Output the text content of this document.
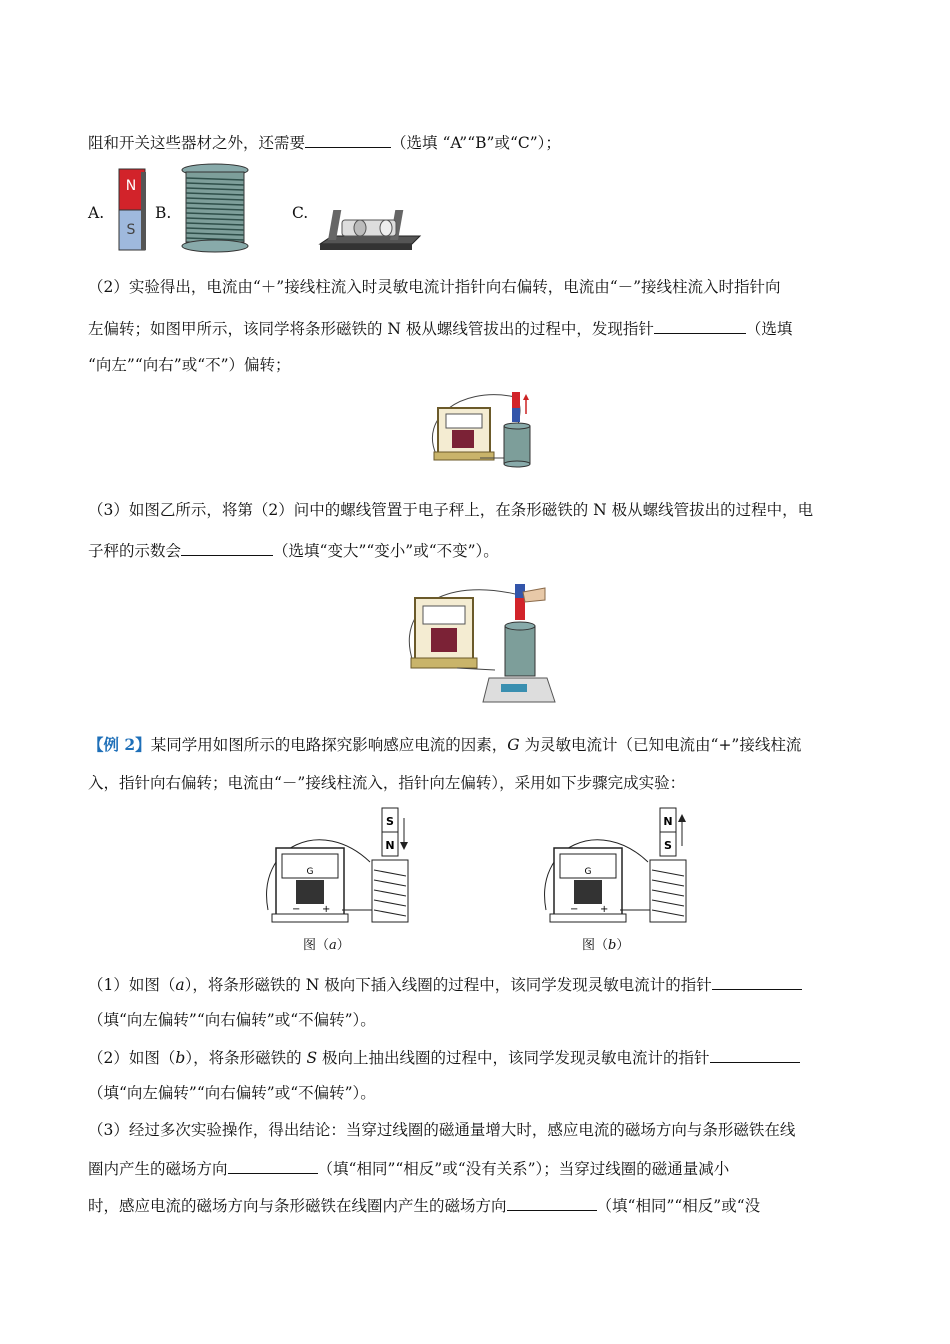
阻和开关这些器材之外，还需要	（选填 “A”“B”或“C”）；
A.
N
S
B.	C.
（2）实验得出，电流由“＋”接线柱流入时灵敏电流计指针向右偏转，电流由“－”接线柱流入时指针向
左偏转；如图甲所示，该同学将条形磁铁的 N 极从螺线管拔出的过程中，发现指针	（选填
“向左”“向右”或“不”）偏转；
（3）如图乙所示，将第（2）问中的螺线管置于电子秤上，在条形磁铁的 N 极从螺线管拔出的过程中，电
子秤的示数会	（选填“变大”“变小”或“不变”）。
【例 2】某同学用如图所示的电路探究影响感应电流的因素，G 为灵敏电流计（已知电流由“+”接线柱流
入，指针向右偏转；电流由“－”接线柱流入，指针向左偏转），采用如下步骤完成实验：
S
N
G
− +
图（a）
N
S
G
− +
图（b）
（1）如图（a），将条形磁铁的 N 极向下插入线圈的过程中，该同学发现灵敏电流计的指针
（填“向左偏转”“向右偏转”或“不偏转”）。
（2）如图（b），将条形磁铁的 S 极向上抽出线圈的过程中，该同学发现灵敏电流计的指针
（填“向左偏转”“向右偏转”或“不偏转”）。
（3）经过多次实验操作，得出结论：当穿过线圈的磁通量增大时，感应电流的磁场方向与条形磁铁在线
圈内产生的磁场方向	（填“相同”“相反”或“没有关系”）；当穿过线圈的磁通量减小
时，感应电流的磁场方向与条形磁铁在线圈内产生的磁场方向	（填“相同”“相反”或“没
